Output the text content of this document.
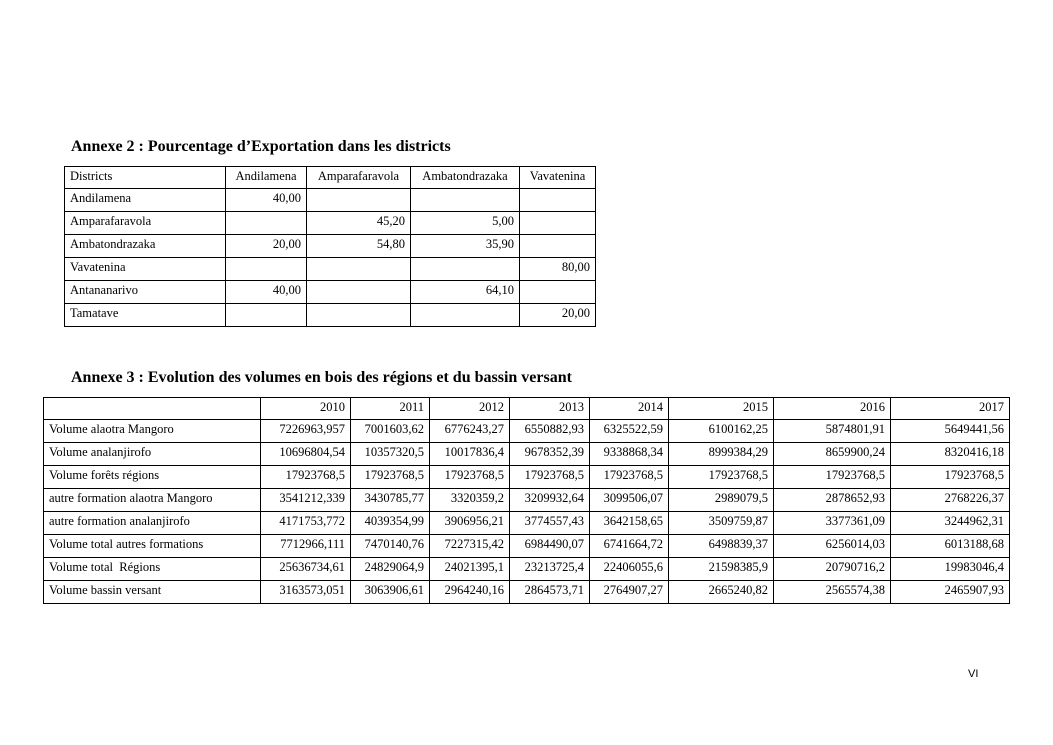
Annexe 2 : Pourcentage d’Exportation dans les districts
Districts	Andilamena	Amparafaravola	Ambatondrazaka	Vavatenina
Andilamena	40,00			
Amparafaravola		45,20	5,00	
Ambatondrazaka	20,00	54,80	35,90	
Vavatenina				80,00
Antananarivo	40,00		64,10	
Tamatave				20,00
Annexe 3 : Evolution des volumes en bois des régions et du bassin versant
	2010	2011	2012	2013	2014	2015	2016	2017
Volume alaotra Mangoro	7226963,957	7001603,62	6776243,27	6550882,93	6325522,59	6100162,25	5874801,91	5649441,56
Volume analanjirofo	10696804,54	10357320,5	10017836,4	9678352,39	9338868,34	8999384,29	8659900,24	8320416,18
Volume forêts régions	17923768,5	17923768,5	17923768,5	17923768,5	17923768,5	17923768,5	17923768,5	17923768,5
autre formation alaotra Mangoro	3541212,339	3430785,77	3320359,2	3209932,64	3099506,07	2989079,5	2878652,93	2768226,37
autre formation analanjirofo	4171753,772	4039354,99	3906956,21	3774557,43	3642158,65	3509759,87	3377361,09	3244962,31
Volume total autres formations	7712966,111	7470140,76	7227315,42	6984490,07	6741664,72	6498839,37	6256014,03	6013188,68
Volume total  Régions	25636734,61	24829064,9	24021395,1	23213725,4	22406055,6	21598385,9	20790716,2	19983046,4
Volume bassin versant	3163573,051	3063906,61	2964240,16	2864573,71	2764907,27	2665240,82	2565574,38	2465907,93
VI
